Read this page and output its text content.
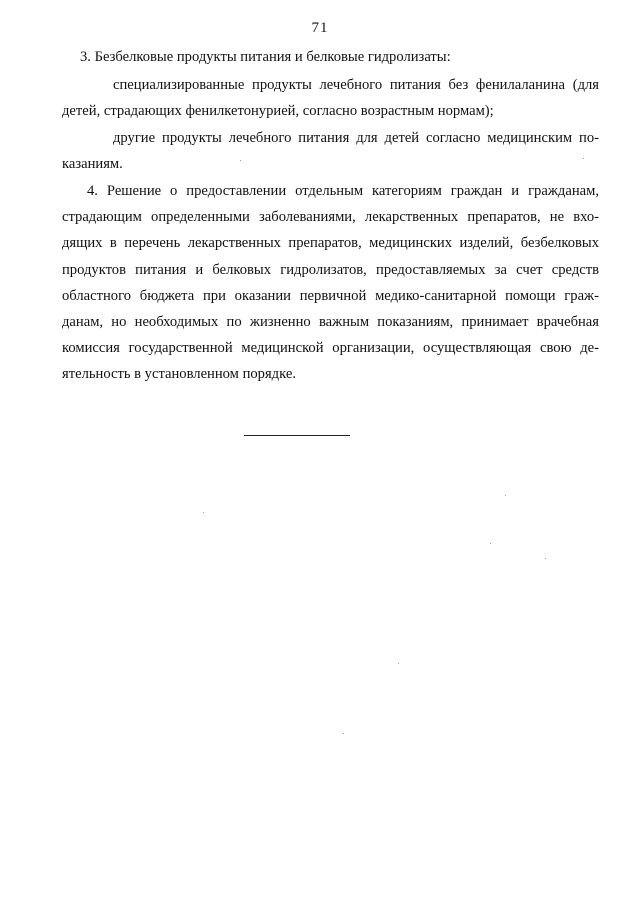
71
3. Безбелковые продукты питания и белковые гидролизаты:
специализированные продукты лечебного питания без фенилаланина (для
детей, страдающих фенилкетонурией, согласно возрастным нормам);
другие продукты лечебного питания для детей согласно медицинским по-
казаниям.
4. Решение о предоставлении отдельным категориям граждан и гражданам,
страдающим определенными заболеваниями, лекарственных препаратов, не вхо-
дящих в перечень лекарственных препаратов, медицинских изделий, безбелковых
продуктов питания и белковых гидролизатов, предоставляемых за счет средств
областного бюджета при оказании первичной медико-санитарной помощи граж-
данам, но необходимых по жизненно важным показаниям, принимает врачебная
комиссия государственной медицинской организации, осуществляющая свою де-
ятельность в установленном порядке.
